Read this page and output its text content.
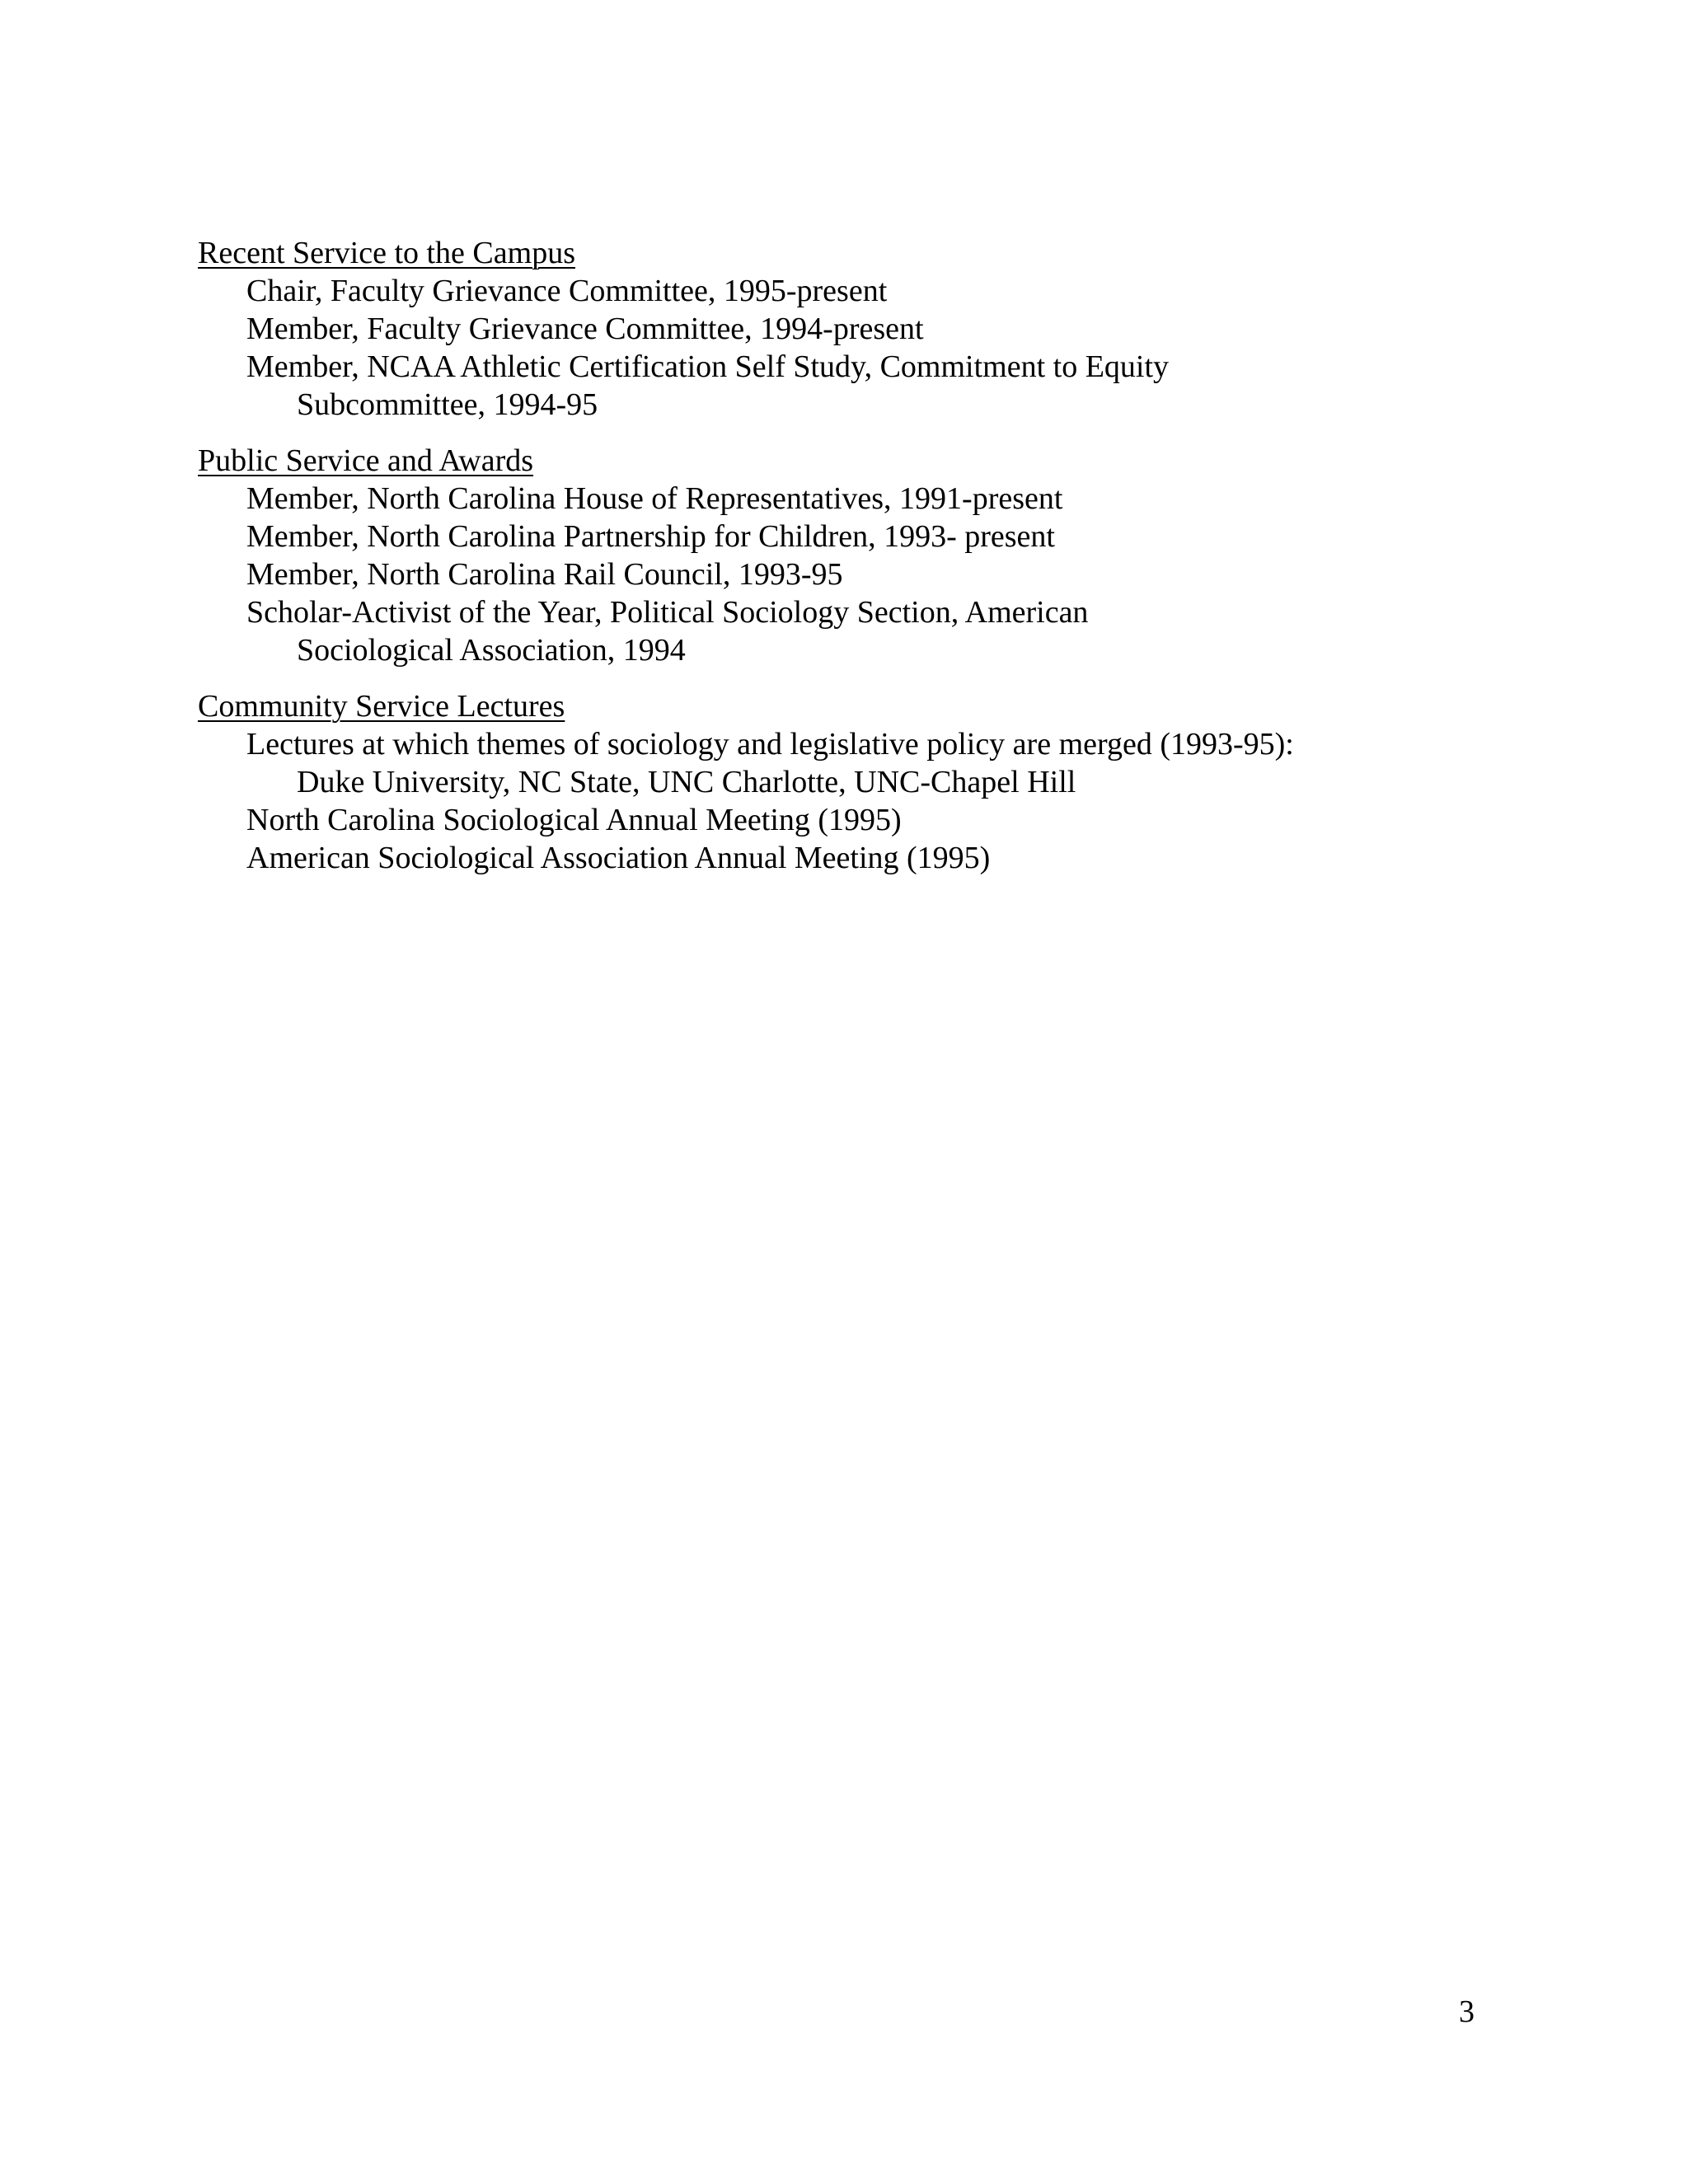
Recent Service to the Campus
Chair, Faculty Grievance Committee, 1995-present
Member, Faculty Grievance Committee, 1994-present
Member, NCAA Athletic Certification Self Study, Commitment to Equity
Subcommittee, 1994-95
Public Service and Awards
Member, North Carolina House of Representatives, 1991-present
Member, North Carolina Partnership for Children, 1993- present
Member, North Carolina Rail Council, 1993-95
Scholar-Activist of the Year, Political Sociology Section, American
Sociological Association, 1994
Community Service Lectures
Lectures at which themes of sociology and legislative policy are merged (1993-95):
Duke University, NC State, UNC Charlotte, UNC-Chapel Hill
North Carolina Sociological Annual Meeting (1995)
American Sociological Association Annual Meeting (1995)
3
